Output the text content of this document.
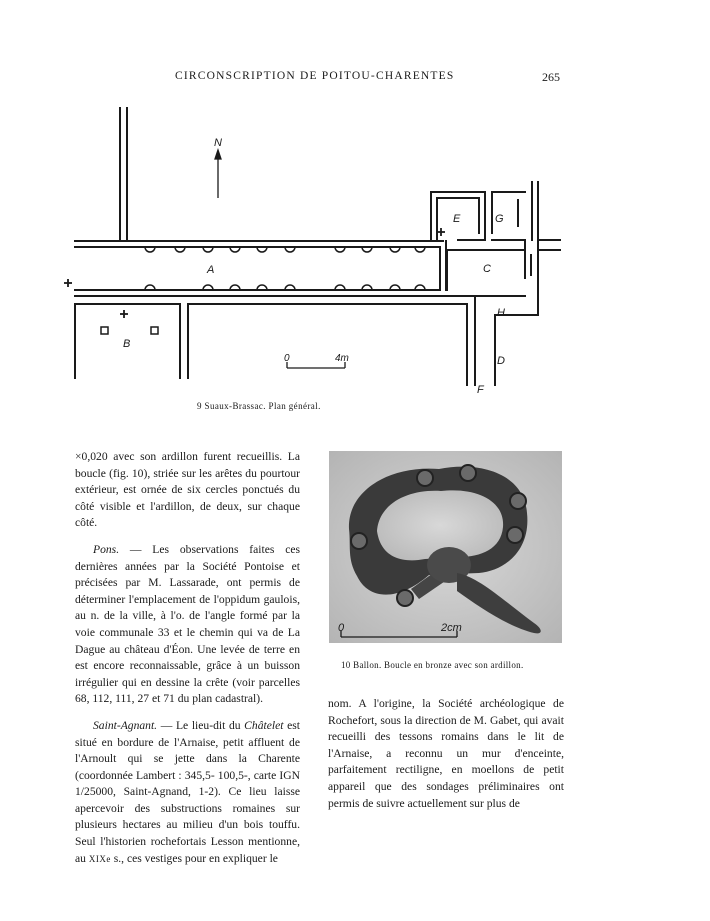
CIRCONSCRIPTION DE POITOU-CHARENTES	265
N
0	4m
A
B
C
D
E
F
G
H
9 Suaux-Brassac. Plan général.

×0,020 avec son ardillon furent recueillis. La boucle (fig. 10), striée sur les arêtes du pourtour extérieur, est ornée de six cercles ponctués du côté visible et l'ardillon, de deux, sur chaque côté.

Pons. — Les observations faites ces dernières années par la Société Pontoise et précisées par M. Lassarade, ont permis de déterminer l'emplacement de l'oppidum gaulois, au n. de la ville, à l'o. de l'angle formé par la voie communale 33 et le chemin qui va de La Dague au château d'Éon. Une levée de terre en est encore reconnaissable, grâce à un buisson irrégulier qui en dessine la crête (voir parcelles 68, 112, 111, 27 et 71 du plan cadastral).

Saint-Agnant. — Le lieu-dit du Châtelet est situé en bordure de l'Arnaise, petit affluent de l'Arnoult qui se jette dans la Charente (coordonnée Lambert : 345,5- 100,5-, carte IGN 1/25000, Saint-Agnand, 1-2). Ce lieu laisse apercevoir des substructions romaines sur plusieurs hectares au milieu d'un bois touffu. Seul l'historien rochefortais Lesson mentionne, au XIXe s., ces vestiges pour en expliquer le

0	2cm
10 Ballon. Boucle en bronze avec son ardillon.

nom. A l'origine, la Société archéologique de Rochefort, sous la direction de M. Gabet, qui avait recueilli des tessons romains dans le lit de l'Arnaise, a reconnu un mur d'enceinte, parfaitement rectiligne, en moellons de petit appareil que des sondages préliminaires ont permis de suivre actuellement sur plus de
